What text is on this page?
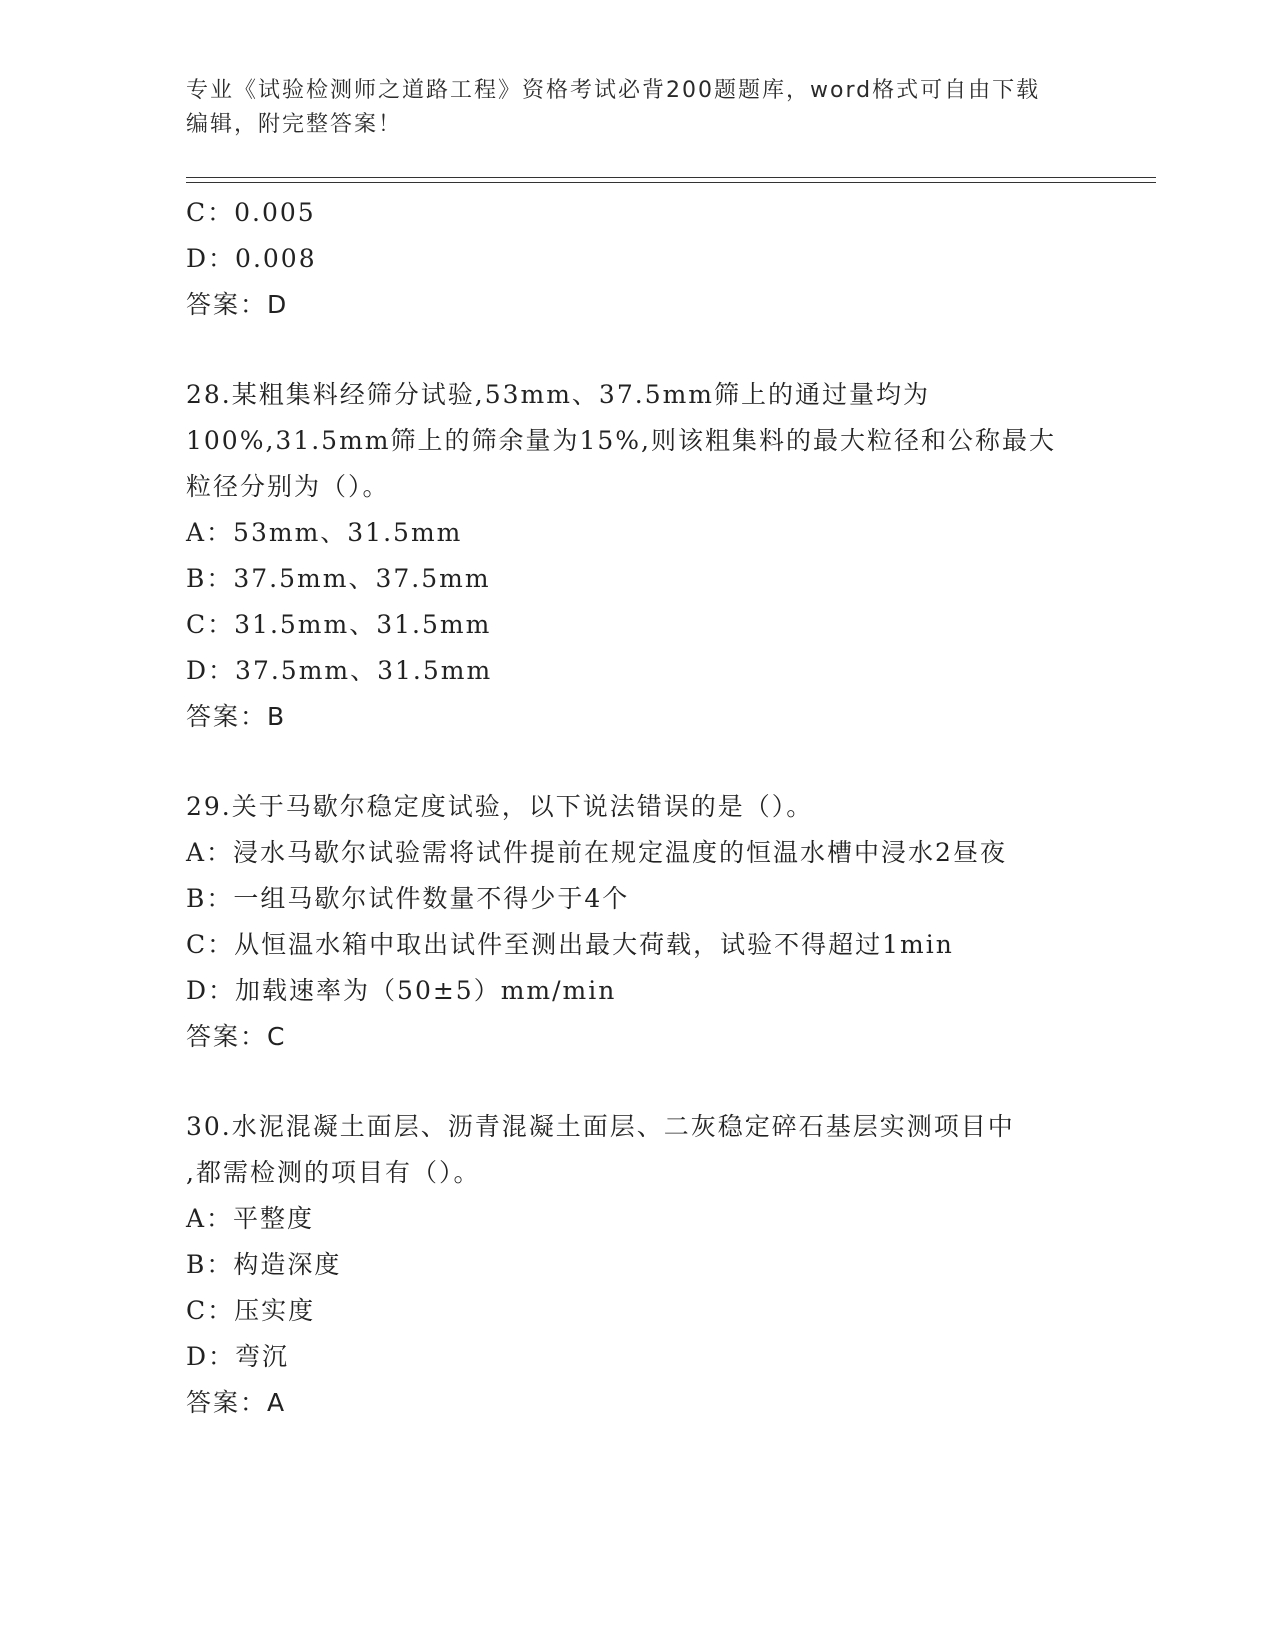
专业《试验检测师之道路工程》资格考试必背200题题库，word格式可自由下载
编辑，附完整答案！
C：0.005
D：0.008
答案：D
28.某粗集料经筛分试验,53mm、37.5mm筛上的通过量均为
100%,31.5mm筛上的筛余量为15%,则该粗集料的最大粒径和公称最大
粒径分别为（）。
A：53mm、31.5mm
B：37.5mm、37.5mm
C：31.5mm、31.5mm
D：37.5mm、31.5mm
答案：B
29.关于马歇尔稳定度试验，以下说法错误的是（）。
A：浸水马歇尔试验需将试件提前在规定温度的恒温水槽中浸水2昼夜
B：一组马歇尔试件数量不得少于4个
C：从恒温水箱中取出试件至测出最大荷载，试验不得超过1min
D：加载速率为（50±5）mm/min
答案：C
30.水泥混凝土面层、沥青混凝土面层、二灰稳定碎石基层实测项目中
,都需检测的项目有（）。
A：平整度
B：构造深度
C：压实度
D：弯沉
答案：A
